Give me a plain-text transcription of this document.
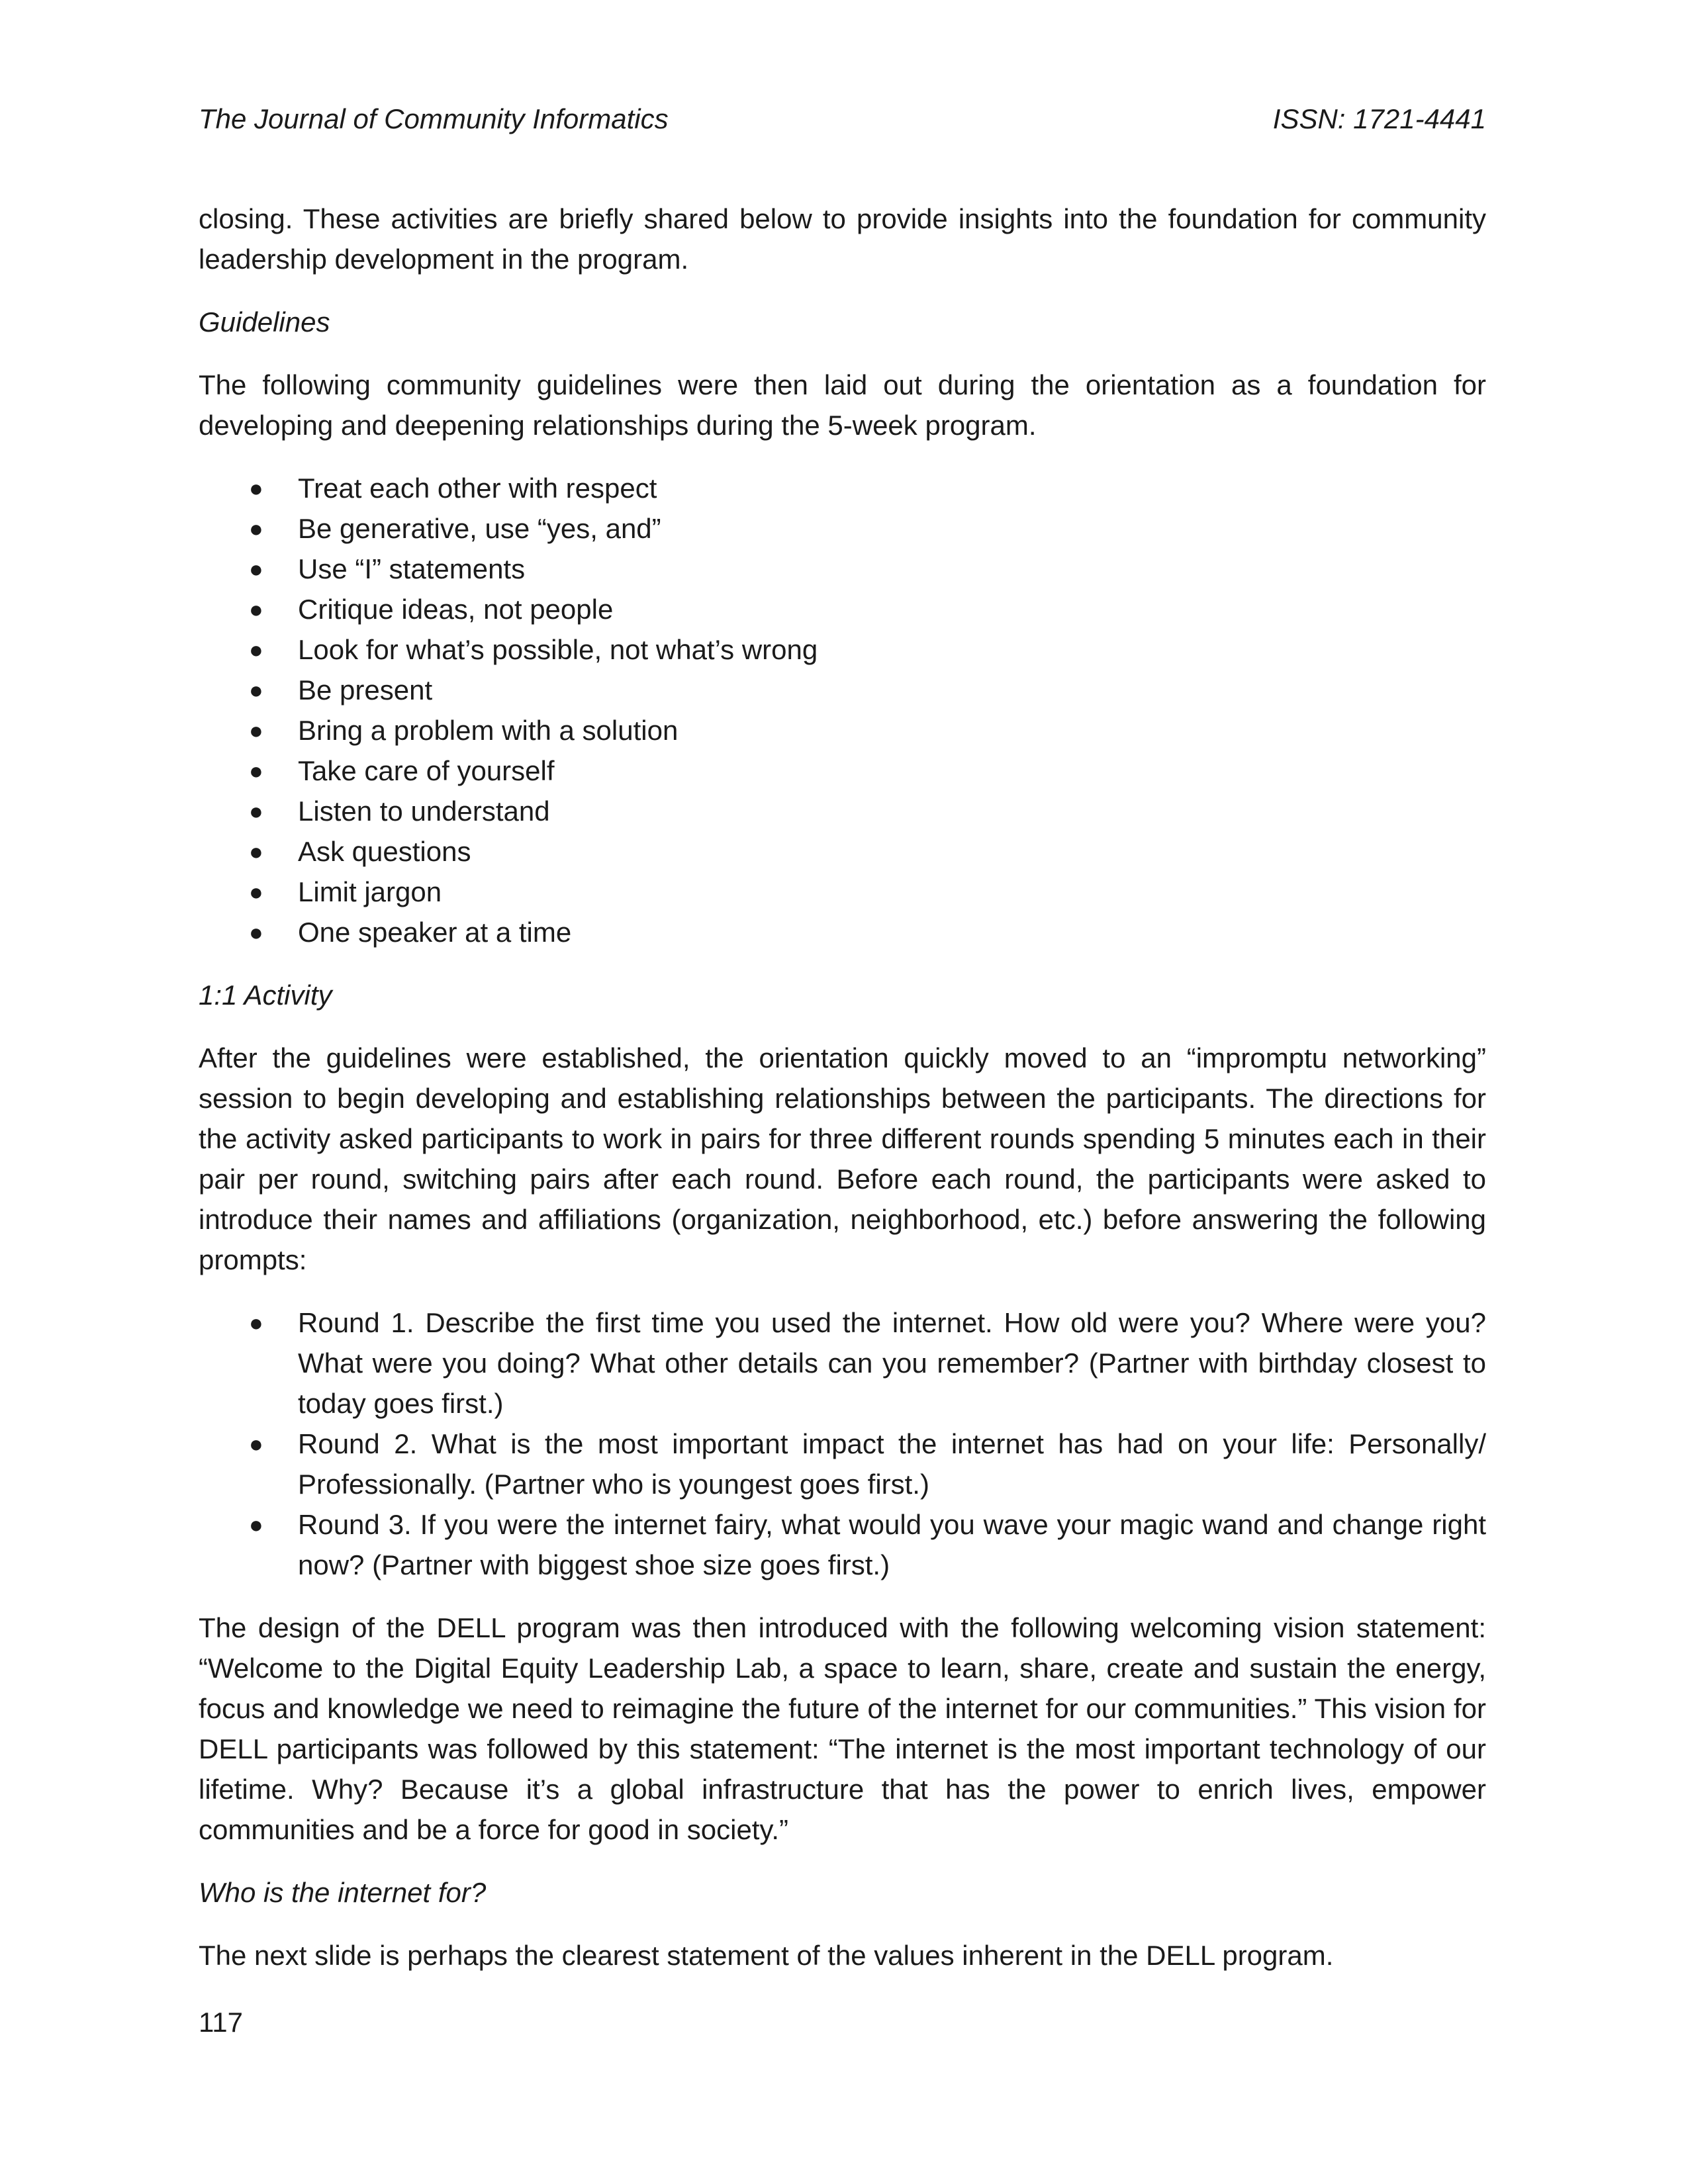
The Journal of Community Informatics	ISSN: 1721-4441

closing. These activities are briefly shared below to provide insights into the foundation for community leadership development in the program.

Guidelines

The following community guidelines were then laid out during the orientation as a foundation for developing and deepening relationships during the 5-week program.

● Treat each other with respect
● Be generative, use “yes, and”
● Use “I” statements
● Critique ideas, not people
● Look for what’s possible, not what’s wrong
● Be present
● Bring a problem with a solution
● Take care of yourself
● Listen to understand
● Ask questions
● Limit jargon
● One speaker at a time

1:1 Activity

After the guidelines were established, the orientation quickly moved to an “impromptu networking” session to begin developing and establishing relationships between the participants. The directions for the activity asked participants to work in pairs for three different rounds spending 5 minutes each in their pair per round, switching pairs after each round. Before each round, the participants were asked to introduce their names and affiliations (organization, neighborhood, etc.) before answering the following prompts:

● Round 1. Describe the first time you used the internet. How old were you? Where were you? What were you doing? What other details can you remember? (Partner with birthday closest to today goes first.)
● Round 2. What is the most important impact the internet has had on your life: Personally/ Professionally. (Partner who is youngest goes first.)
● Round 3. If you were the internet fairy, what would you wave your magic wand and change right now? (Partner with biggest shoe size goes first.)

The design of the DELL program was then introduced with the following welcoming vision statement: “Welcome to the Digital Equity Leadership Lab, a space to learn, share, create and sustain the energy, focus and knowledge we need to reimagine the future of the internet for our communities.” This vision for DELL participants was followed by this statement: “The internet is the most important technology of our lifetime. Why? Because it’s a global infrastructure that has the power to enrich lives, empower communities and be a force for good in society.”

Who is the internet for?

The next slide is perhaps the clearest statement of the values inherent in the DELL program.

117
